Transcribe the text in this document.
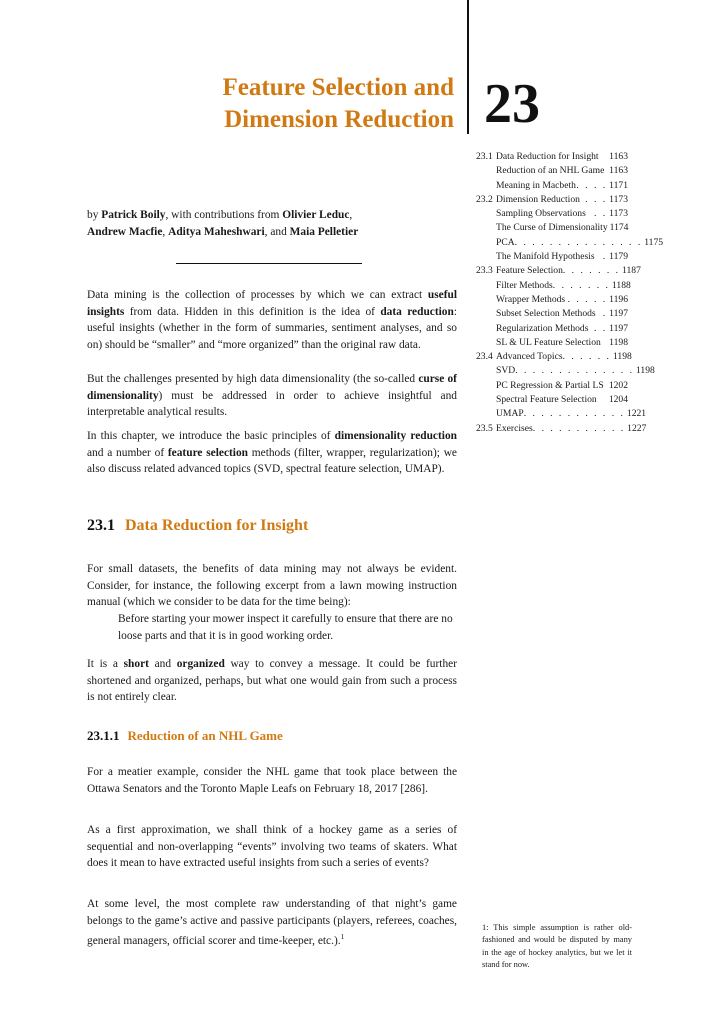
Feature Selection and
Dimension Reduction 23
23.1 Data Reduction for Insight 1163
Reduction of an NHL Game 1163
Meaning in Macbeth . . . . 1171
23.2 Dimension Reduction . . . 1173
Sampling Observations . . 1173
The Curse of Dimensionality 1174
PCA . . . . . . . . . . . . . . . 1175
The Manifold Hypothesis . 1179
23.3 Feature Selection . . . . . . . 1187
Filter Methods . . . . . . . 1188
Wrapper Methods . . . . . 1196
Subset Selection Methods . 1197
Regularization Methods . . 1197
SL & UL Feature Selection 1198
23.4 Advanced Topics . . . . . . 1198
SVD . . . . . . . . . . . . . . 1198
PC Regression & Partial LS 1202
Spectral Feature Selection 1204
UMAP . . . . . . . . . . . . 1221
23.5 Exercises . . . . . . . . . . . 1227
by Patrick Boily, with contributions from Olivier Leduc, Andrew Macfie, Aditya Maheshwari, and Maia Pelletier
Data mining is the collection of processes by which we can extract useful insights from data. Hidden in this definition is the idea of data reduction: useful insights (whether in the form of summaries, sentiment analyses, and so on) should be “smaller” and “more organized” than the original raw data.
But the challenges presented by high data dimensionality (the so-called curse of dimensionality) must be addressed in order to achieve insightful and interpretable analytical results.
In this chapter, we introduce the basic principles of dimensionality reduction and a number of feature selection methods (filter, wrapper, regularization); we also discuss related advanced topics (SVD, spectral feature selection, UMAP).
23.1 Data Reduction for Insight
For small datasets, the benefits of data mining may not always be evident. Consider, for instance, the following excerpt from a lawn mowing instruction manual (which we consider to be data for the time being):
Before starting your mower inspect it carefully to ensure that there are no loose parts and that it is in good working order.
It is a short and organized way to convey a message. It could be further shortened and organized, perhaps, but what one would gain from such a process is not entirely clear.
23.1.1 Reduction of an NHL Game
For a meatier example, consider the NHL game that took place between the Ottawa Senators and the Toronto Maple Leafs on February 18, 2017 [286].
As a first approximation, we shall think of a hockey game as a series of sequential and non-overlapping “events” involving two teams of skaters. What does it mean to have extracted useful insights from such a series of events?
At some level, the most complete raw understanding of that night’s game belongs to the game’s active and passive participants (players, referees, coaches, general managers, official scorer and time-keeper, etc.).$^1$
1: This simple assumption is rather old-fashioned and would be disputed by many in the age of hockey analytics, but we let it stand for now.
